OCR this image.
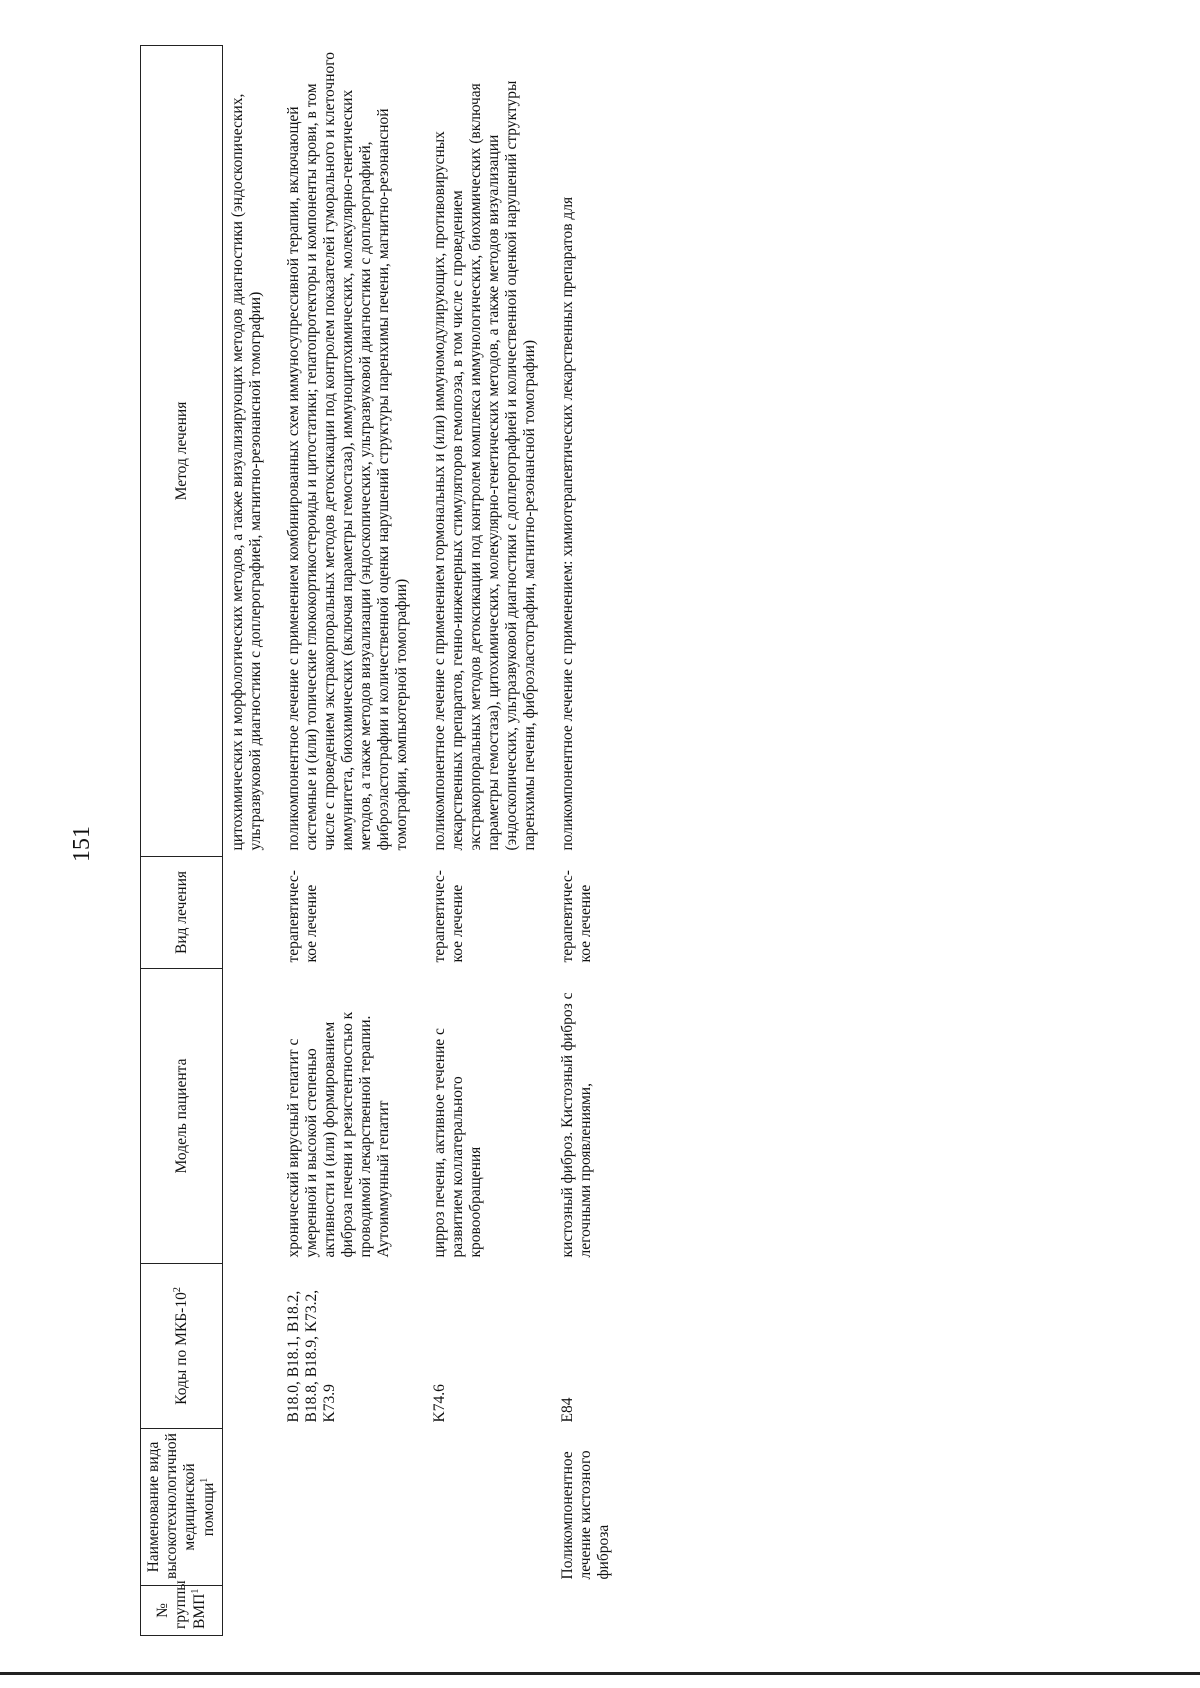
151
№ группы ВМП$^1$	Наименование вида высокотехнологичной медицинской помощи$^1$	Коды по МКБ-$10^2$	Модель пациента	Вид лечения	Метод лечения
					цитохимических и морфологических методов, а также визуализирующих методов диагностики (эндоскопических, ультразвуковой диагностики с доплерографией, магнитно-резонансной томографии)
		B18.0, B18.1, B18.2, B18.8, B18.9, K73.2, K73.9	хронический вирусный гепатит с умеренной и высокой степенью активности и (или) формированием фиброза печени и резистентностью к проводимой лекарственной терапии. Аутоиммунный гепатит	терапевтичес-кое лечение	поликомпонентное лечение с применением комбинированных схем иммуносупрессивной терапии, включающей системные и (или) топические глюкокортикостероиды и цитостатики; гепатопротекторы и компоненты крови, в том числе с проведением экстракорпоральных методов детоксикации под контролем показателей гуморального и клеточного иммунитета, биохимических (включая параметры гемостаза), иммуноцитохимических, молекулярно-генетических методов, а также методов визуализации (эндоскопических, ультразвуковой диагностики с доплерографией, фиброэластографии и количественной оценки нарушений структуры паренхимы печени, магнитно-резонансной томографии, компьютерной томографии)
		K74.6	цирроз печени, активное течение с развитием коллатерального кровообращения	терапевтичес-кое лечение	поликомпонентное лечение с применением гормональных и (или) иммуномодулирующих, противовирусных лекарственных препаратов, генно-инженерных стимуляторов гемопоэза, в том числе с проведением экстракорпоральных методов детоксикации под контролем комплекса иммунологических, биохимических (включая параметры гемостаза), цитохимических, молекулярно-генетических методов, а также методов визуализации (эндоскопических, ультразвуковой диагностики с доплерографией и количественной оценкой нарушений структуры паренхимы печени, фиброэластографии, магнитно-резонансной томографии)
	Поликомпонентное лечение кистозного фиброза	E84	кистозный фиброз. Кистозный фиброз с легочными проявлениями,	терапевтичес-кое лечение	поликомпонентное лечение с применением: химиотерапевтических лекарственных препаратов для
